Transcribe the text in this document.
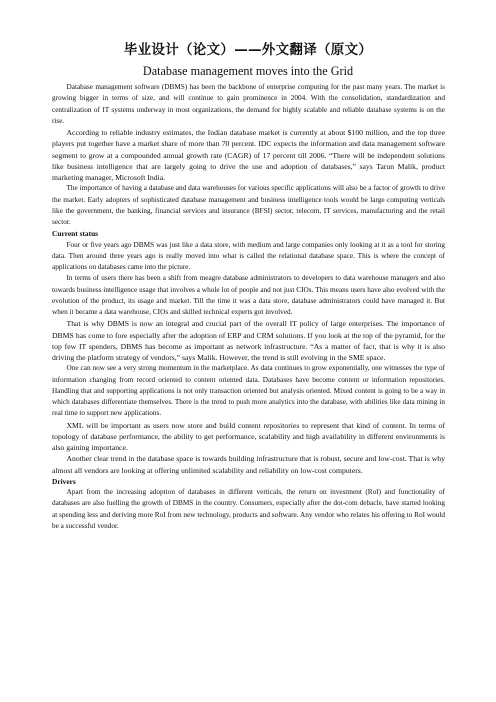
毕业设计（论文）——外文翻译（原文）
Database management moves into the Grid

Database management software (DBMS) has been the backbone of enterprise computing for the past many years. The market is growing bigger in terms of size, and will continue to gain prominence in 2004. With the consolidation, standardization and centralization of IT systems underway in most organizations, the demand for highly scalable and reliable database systems is on the rise.

According to reliable industry estimates, the Indian database market is currently at about $100 million, and the top three players put together have a market share of more than 70 percent. IDC expects the information and data management software segment to grow at a compounded annual growth rate (CAGR) of 17 percent till 2006. “There will be independent solutions like business intelligence that are largely going to drive the use and adoption of databases,” says Tarun Malik, product marketing manager, Microsoft India.

The importance of having a database and data warehouses for various specific applications will also be a factor of growth to drive the market. Early adopters of sophisticated database management and business intelligence tools would be large computing verticals like the government, the banking, financial services and insurance (BFSI) sector, telecom, IT services, manufacturing and the retail sector.

Current status

Four or five years ago DBMS was just like a data store, with medium and large companies only looking at it as a tool for storing data. Then around three years ago is really moved into what is called the relational database space. This is where the concept of applications on databases came into the picture.

In terms of users there has been a shift from meagre database administrators to developers to data warehouse managers and also towards business intelligence usage that involves a whole lot of people and not just CIOs. This means users have also evolved with the evolution of the product, its usage and market. Till the time it was a data store, database administrators could have managed it. But when it became a data warehouse, CIOs and skilled technical experts got involved.

That is why DBMS is now an integral and crucial part of the overall IT policy of large enterprises. The importance of DBMS has come to fore especially after the adoption of ERP and CRM solutions. If you look at the top of the pyramid, for the top few IT spenders, DBMS has become as important as network infrastructure. “As a matter of fact, that is why it is also driving the platform strategy of vendors,” says Malik. However, the trend is still evolving in the SME space.

One can now see a very strong momentum in the marketplace. As data continues to grow exponentially, one witnesses the type of information changing from record oriented to content oriented data. Databases have become content or information repositories. Handling that and supporting applications is not only transaction oriented but analysis oriented. Mixed content is going to be a way in which databases differentiate themselves. There is the trend to push more analytics into the database, with abilities like data mining in real time to support new applications.

XML will be important as users now store and build content repositories to represent that kind of content. In terms of topology of database performance, the ability to get performance, scalability and high availability in different environments is also gaining importance.

Another clear trend in the database space is towards building infrastructure that is robust, secure and low-cost. That is why almost all vendors are looking at offering unlimited scalability and reliability on low-cost computers.

Drivers

Apart from the increasing adoption of databases in different verticals, the return on investment (RoI) and functionality of databases are also fuelling the growth of DBMS in the country. Consumers, especially after the dot-com debacle, have started looking at spending less and deriving more RoI from new technology, products and software. Any vendor who relates his offering to RoI would be a successful vendor.
